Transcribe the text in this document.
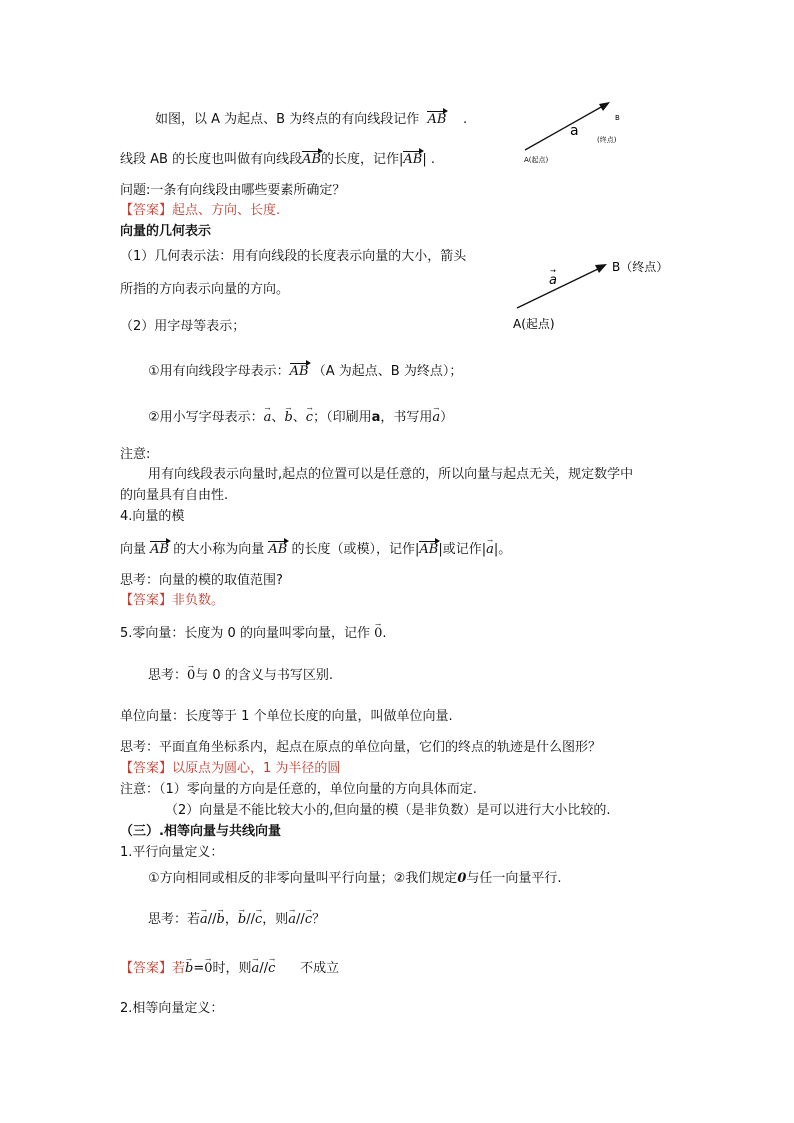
a
B
(终点)
A(起点)
a
→	B（终点）
A(起点)
如图，以 A 为起点、B 为终点的有向线段记作 AB .
线段 AB 的长度也叫做有向线段AB的长度，记作|AB| .
问题:一条有向线段由哪些要素所确定？
【答案】起点、方向、长度.
向量的几何表示
（1）几何表示法：用有向线段的长度表示向量的大小，箭头
所指的方向表示向量的方向。
（2）用字母等表示；
①用有向线段字母表示：AB （A 为起点、B 为终点）；
②用小写字母表示：a →、b →、c →；（印刷用a，书写用a →）
注意:
用有向线段表示向量时,起点的位置可以是任意的，所以向量与起点无关，规定数学中
的向量具有自由性.
4.向量的模
向量 AB 的大小称为向量 AB 的长度（或模），记作|AB|或记作|a →|。
思考：向量的模的取值范围?
【答案】非负数。
5.零向量：长度为 0 的向量叫零向量，记作 0 →.
思考：0 →与 0 的含义与书写区别.
单位向量：长度等于 1 个单位长度的向量，叫做单位向量.
思考：平面直角坐标系内，起点在原点的单位向量，它们的终点的轨迹是什么图形？
【答案】以原点为圆心，1 为半径的圆
注意：（1）零向量的方向是任意的，单位向量的方向具体而定.
（2）向量是不能比较大小的,但向量的模（是非负数）是可以进行大小比较的.
（三）.相等向量与共线向量
1.平行向量定义：
①方向相同或相反的非零向量叫平行向量；②我们规定0与任一向量平行.
思考：若a →//b →，b →//c →，则a →//c →？
【答案】若b →=0 →时，则a →//c → 不成立
2.相等向量定义：
